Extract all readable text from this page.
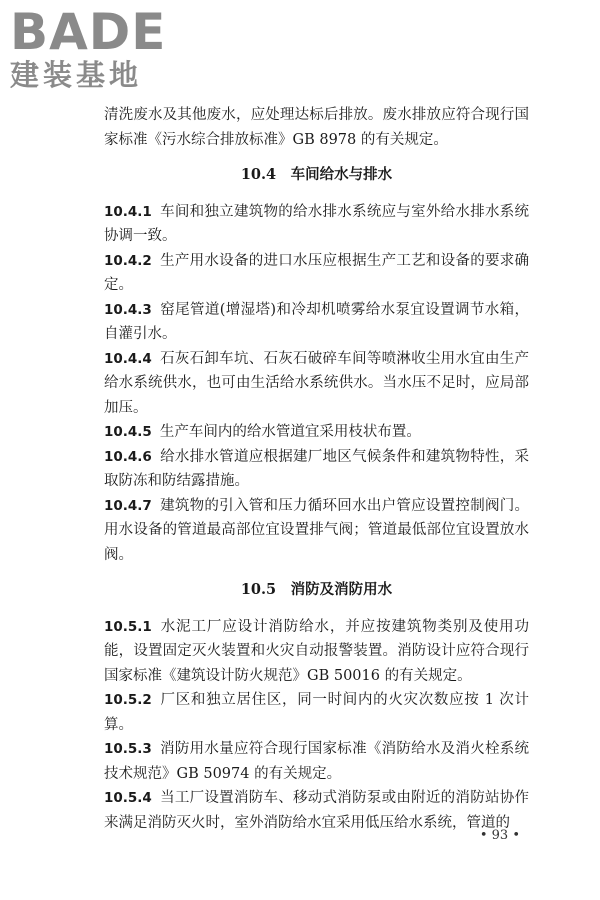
BADE
建装基地

清洗废水及其他废水，应处理达标后排放。废水排放应符合现行国家标准《污水综合排放标准》GB 8978 的有关规定。

10.4　车间给水与排水

10.4.1 车间和独立建筑物的给水排水系统应与室外给水排水系统协调一致。

10.4.2 生产用水设备的进口水压应根据生产工艺和设备的要求确定。

10.4.3 窑尾管道(增湿塔)和冷却机喷雾给水泵宜设置调节水箱，自灌引水。

10.4.4 石灰石卸车坑、石灰石破碎车间等喷淋收尘用水宜由生产给水系统供水，也可由生活给水系统供水。当水压不足时，应局部加压。

10.4.5 生产车间内的给水管道宜采用枝状布置。

10.4.6 给水排水管道应根据建厂地区气候条件和建筑物特性，采取防冻和防结露措施。

10.4.7 建筑物的引入管和压力循环回水出户管应设置控制阀门。用水设备的管道最高部位宜设置排气阀；管道最低部位宜设置放水阀。

10.5　消防及消防用水

10.5.1 水泥工厂应设计消防给水，并应按建筑物类别及使用功能，设置固定灭火装置和火灾自动报警装置。消防设计应符合现行国家标准《建筑设计防火规范》GB 50016 的有关规定。

10.5.2 厂区和独立居住区，同一时间内的火灾次数应按 1 次计算。

10.5.3 消防用水量应符合现行国家标准《消防给水及消火栓系统技术规范》GB 50974 的有关规定。

10.5.4 当工厂设置消防车、移动式消防泵或由附近的消防站协作来满足消防灭火时，室外消防给水宜采用低压给水系统，管道的

• 93 •
